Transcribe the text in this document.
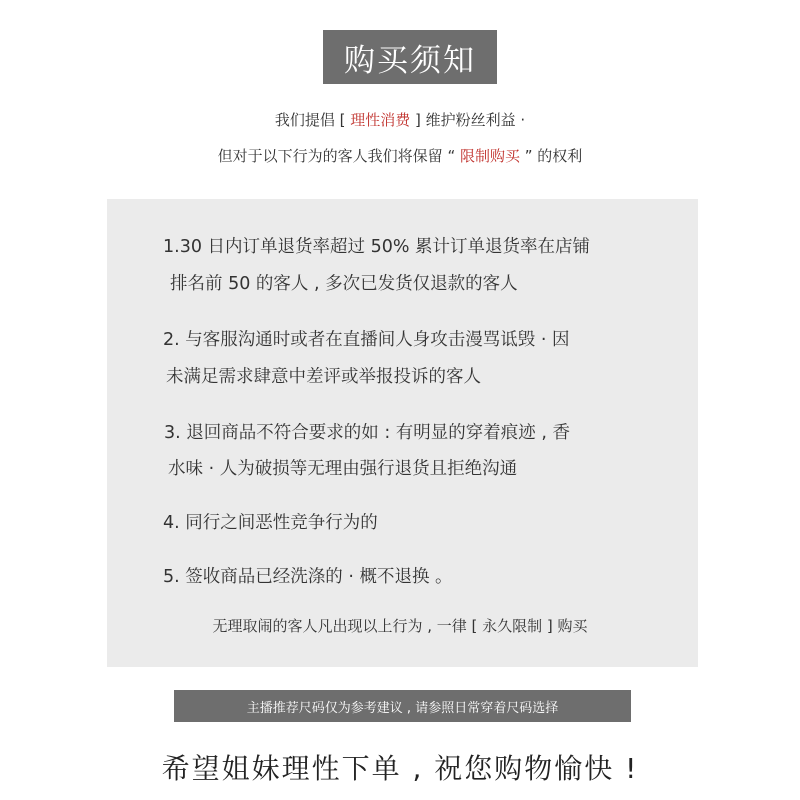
购买须知
我们提倡 [ 理性消费 ] 维护粉丝利益 ·
但对于以下行为的客人我们将保留 “ 限制购买 ” 的权利
1.30 日内订单退货率超过 50% 累计订单退货率在店铺
排名前 50 的客人 , 多次已发货仅退款的客人
2. 与客服沟通时或者在直播间人身攻击漫骂诋毁 · 因
未满足需求肆意中差评或举报投诉的客人
3. 退回商品不符合要求的如 : 有明显的穿着痕迹 , 香
水味 · 人为破损等无理由强行退货且拒绝沟通
4. 同行之间恶性竞争行为的
5. 签收商品已经洗涤的 · 概不退换 。
无理取闹的客人凡出现以上行为 , 一律 [ 永久限制 ] 购买
主播推荐尺码仅为参考建议 , 请参照日常穿着尺码选择
希望姐妹理性下单 , 祝您购物愉快 !
